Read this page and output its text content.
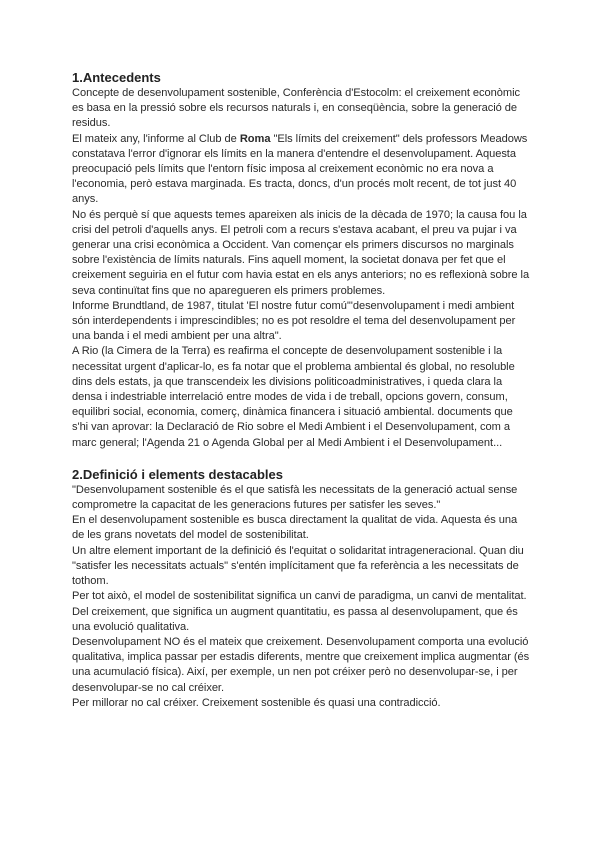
1.Antecedents

Concepte de desenvolupament sostenible, Conferència d'Estocolm: el creixement econòmic es basa en la pressió sobre els recursos naturals i, en conseqüència, sobre la generació de residus.

El mateix any, l'informe al Club de Roma "Els límits del creixement" dels professors Meadows constatava l'error d'ignorar els límits en la manera d'entendre el desenvolupament. Aquesta preocupació pels límits que l'entorn físic imposa al creixement econòmic no era nova a l'economia, però estava marginada. Es tracta, doncs, d'un procés molt recent, de tot just 40 anys.

No és perquè sí que aquests temes apareixen als inicis de la dècada de 1970; la causa fou la crisi del petroli d'aquells anys. El petroli com a recurs s'estava acabant, el preu va pujar i va generar una crisi econòmica a Occident. Van començar els primers discursos no marginals sobre l'existència de límits naturals. Fins aquell moment, la societat donava per fet que el creixement seguiria en el futur com havia estat en els anys anteriors; no es reflexionà sobre la seva continuïtat fins que no aparegueren els primers problemes.

Informe Brundtland, de 1987, titulat 'El nostre futur comú'"desenvolupament i medi ambient són interdependents i imprescindibles; no es pot resoldre el tema del desenvolupament per una banda i el medi ambient per una altra".

A Rio (la Cimera de la Terra) es reafirma el concepte de desenvolupament sostenible i la necessitat urgent d'aplicar-lo, es fa notar que el problema ambiental és global, no resoluble dins dels estats, ja que transcendeix les divisions politicoadministratives, i queda clara la densa i indestriable interrelació entre modes de vida i de treball, opcions govern, consum, equilibri social, economia, comerç, dinàmica financera i situació ambiental. documents que s'hi van aprovar: la Declaració de Rio sobre el Medi Ambient i el Desenvolupament, com a marc general; l'Agenda 21 o Agenda Global per al Medi Ambient i el Desenvolupament...

2.Definició i elements destacables

"Desenvolupament sostenible és el que satisfà les necessitats de la generació actual sense comprometre la capacitat de les generacions futures per satisfer les seves."

En el desenvolupament sostenible es busca directament la qualitat de vida. Aquesta és una de les grans novetats del model de sostenibilitat.

Un altre element important de la definició és l'equitat o solidaritat intrageneracional. Quan diu "satisfer les necessitats actuals" s'entén implícitament que fa referència a les necessitats de tothom.

Per tot això, el model de sostenibilitat significa un canvi de paradigma, un canvi de mentalitat. Del creixement, que significa un augment quantitatiu, es passa al desenvolupament, que és una evolució qualitativa.

Desenvolupament NO és el mateix que creixement. Desenvolupament comporta una evolució qualitativa, implica passar per estadis diferents, mentre que creixement implica augmentar (és una acumulació física). Així, per exemple, un nen pot créixer però no desenvolupar-se, i per desenvolupar-se no cal créixer.

Per millorar no cal créixer. Creixement sostenible és quasi una contradicció.
